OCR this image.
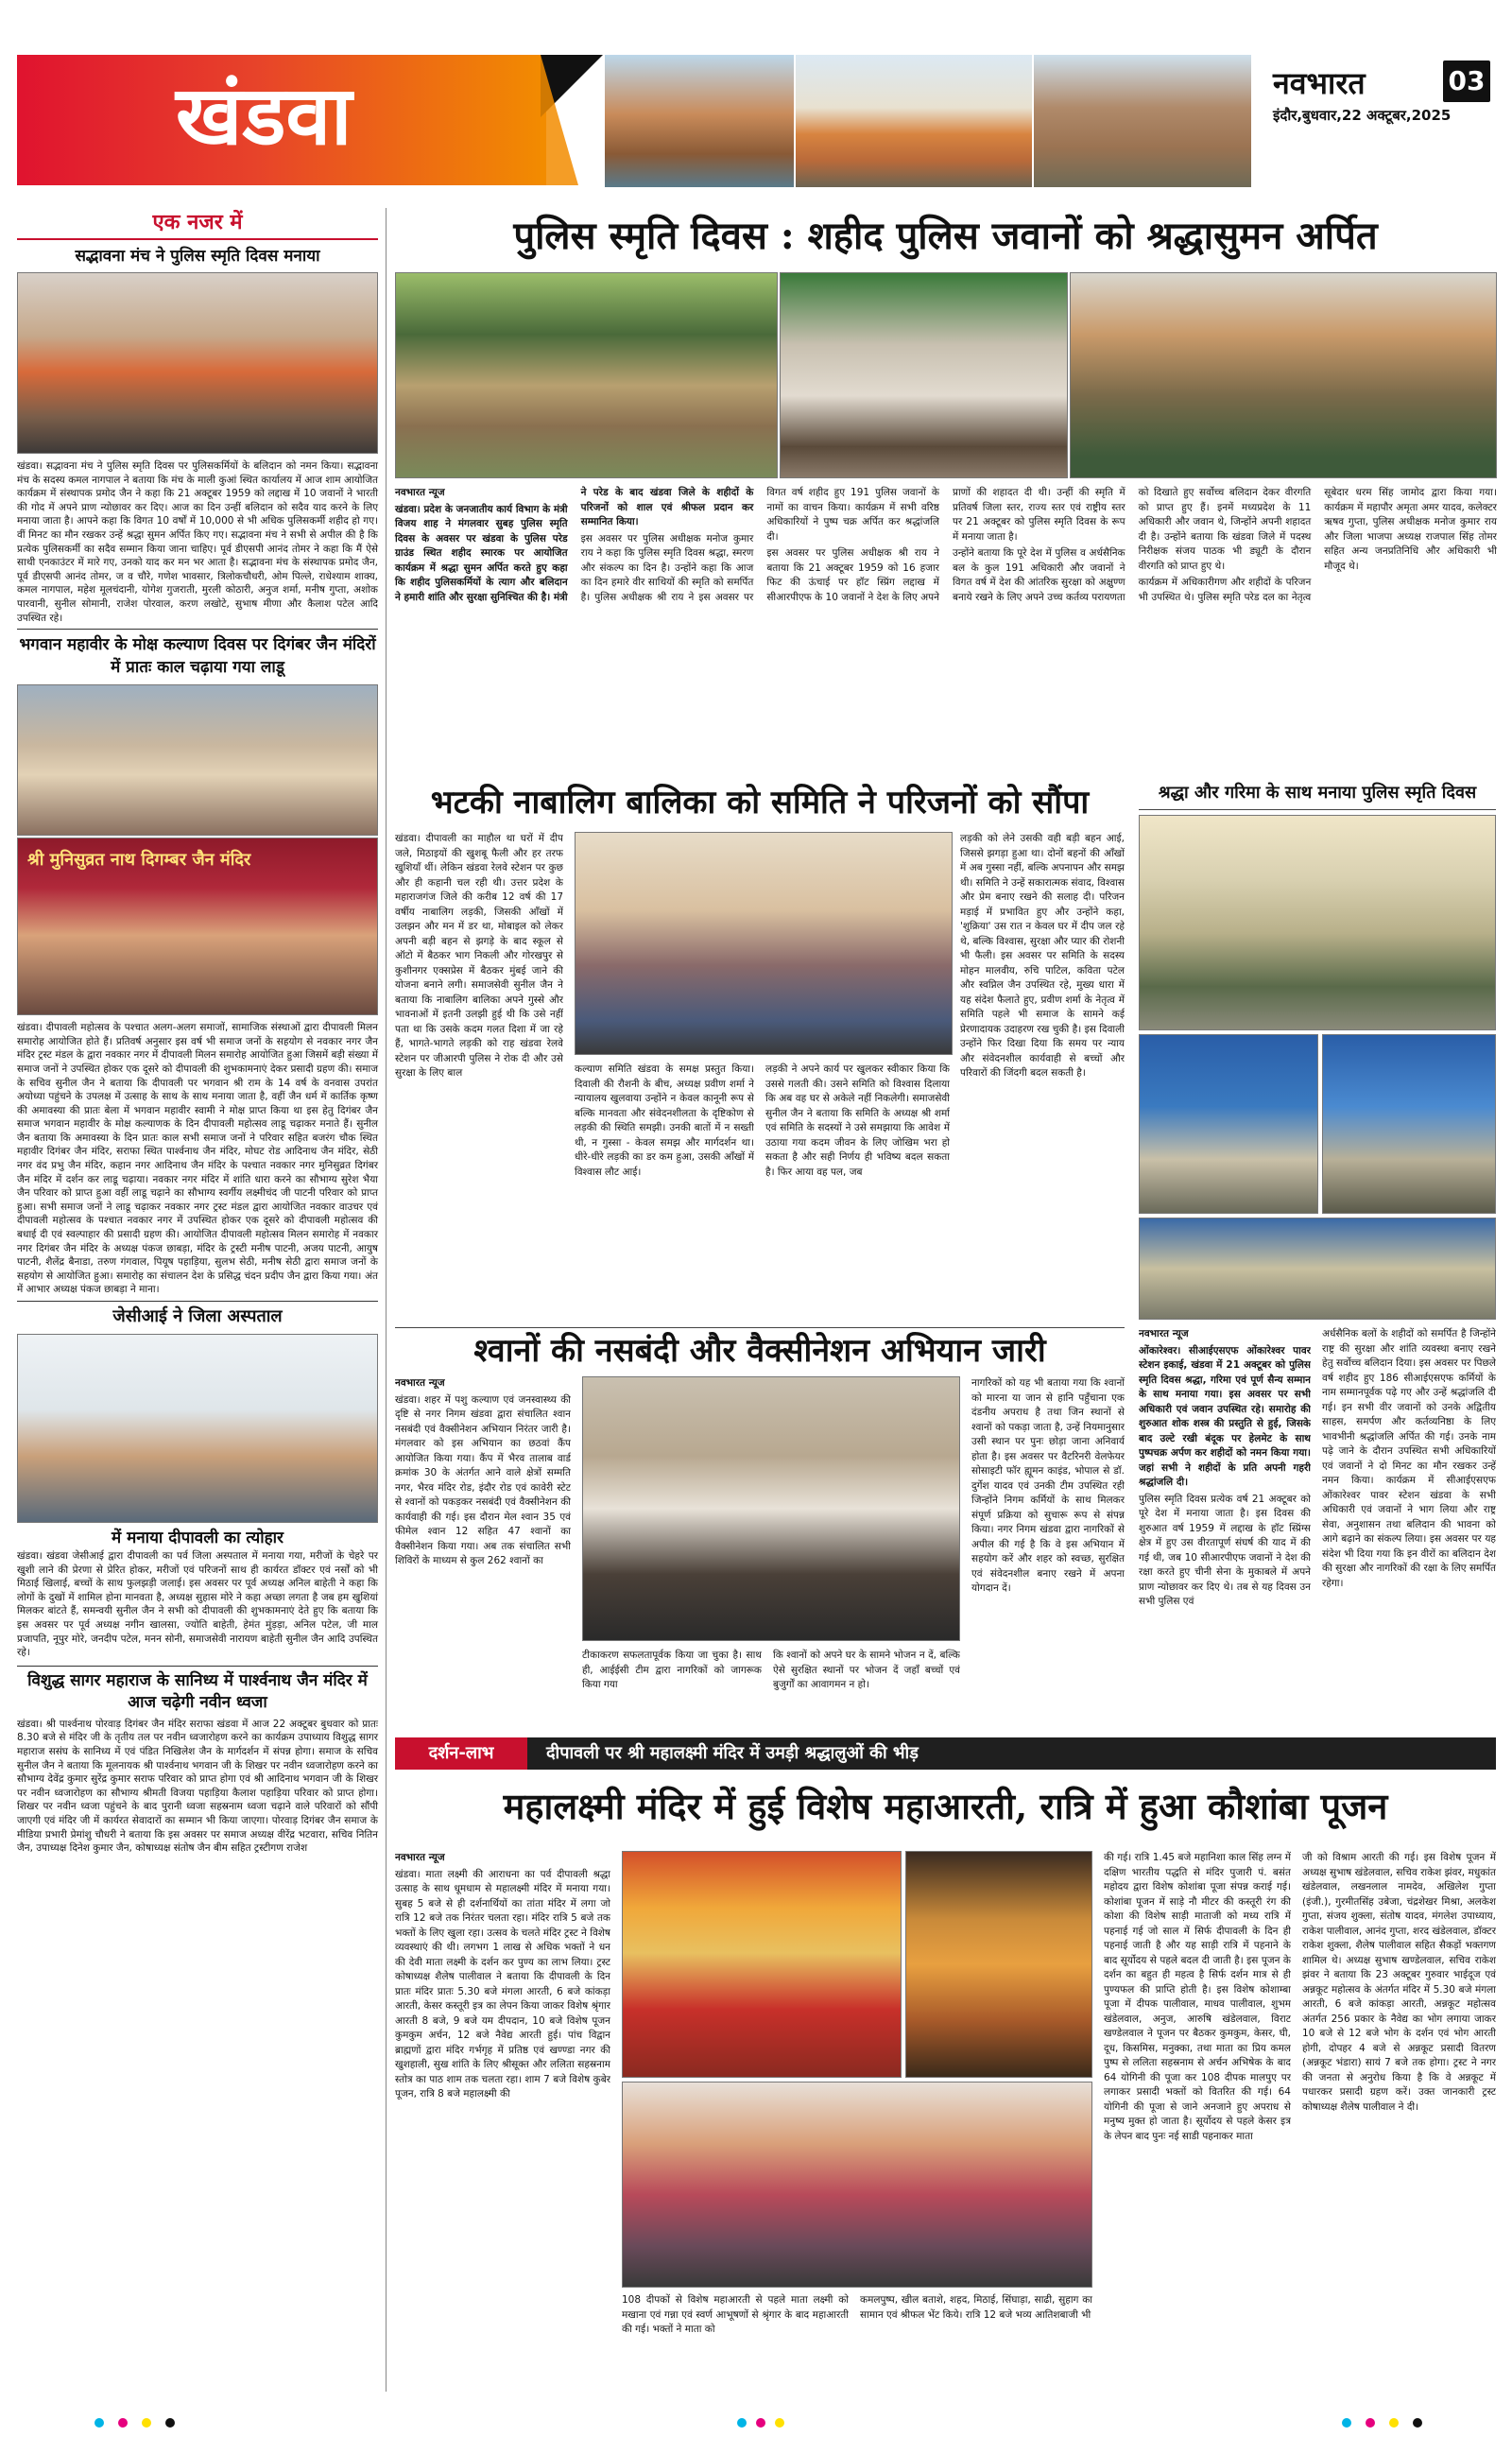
खंडवा	नवभारत	03
इंदौर,बुधवार,22 अक्टूबर,2025
एक नजर में
सद्भावना मंच ने पुलिस स्मृति दिवस मनाया
खंडवा। सद्भावना मंच ने पुलिस स्मृति दिवस पर पुलिसकर्मियों के बलिदान को नमन किया। सद्भावना मंच के सदस्य कमल नागपाल ने बताया कि मंच के माली कुआं स्थित कार्यालय में आज शाम आयोजित कार्यक्रम में संस्थापक प्रमोद जैन ने कहा कि 21 अक्टूबर 1959 को लद्दाख में 10 जवानों ने भारती की गोद में अपने प्राण न्योछावर कर दिए। आज का दिन उन्हीं बलिदान को सदैव याद करने के लिए मनाया जाता है। आपने कहा कि विगत 10 वर्षों में 10,000 से भी अधिक पुलिसकर्मी शहीद हो गए। वीं मिनट का मौन रखकर उन्हें श्रद्धा सुमन अर्पित किए गए। सद्भावना मंच ने सभी से अपील की है कि प्रत्येक पुलिसकर्मी का सदैव सम्मान किया जाना चाहिए। पूर्व डीएसपी आनंद तोमर ने कहा कि मैं ऐसे साथी एनकाउंटर में मारे गए, उनको याद कर मन भर आता है। सद्भावना मंच के संस्थापक प्रमोद जैन, पूर्व डीएसपी आनंद तोमर, ज व चौरे, गणेश भावसार, त्रिलोकचौधरी, ओम पिल्ले, राधेश्याम शाक्य, कमल नागपाल, महेश मूलचंदानी, योगेश गुजराती, मुरली कोठारी, अनुज शर्मा, मनीष गुप्ता, अशोक पारवानी, सुनील सोमानी, राजेश पोरवाल, करण लखोटे, सुभाष मीणा और कैलाश पटेल आदि उपस्थित रहे।
भगवान महावीर के मोक्ष कल्याण दिवस पर दिगंबर जैन मंदिरों में प्रातः काल चढ़ाया गया लाडू
श्री मुनिसुव्रत नाथ दिगम्बर जैन मंदिर
खंडवा। दीपावली महोत्सव के पश्चात अलग-अलग समाजों, सामाजिक संस्थाओं द्वारा दीपावली मिलन समारोह आयोजित होते हैं। प्रतिवर्ष अनुसार इस वर्ष भी समाज जनों के सहयोग से नवकार नगर जैन मंदिर ट्रस्ट मंडल के द्वारा नवकार नगर में दीपावली मिलन समारोह आयोजित हुआ जिसमें बड़ी संख्या में समाज जनों ने उपस्थित होकर एक दूसरे को दीपावली की शुभकामनाएं देकर प्रसादी ग्रहण की। समाज के सचिव सुनील जैन ने बताया कि दीपावली पर भगवान श्री राम के 14 वर्ष के वनवास उपरांत अयोध्या पहुंचने के उपलक्ष में उत्साह के साथ के साथ मनाया जाता है, वहीं जैन धर्म में कार्तिक कृष्ण की अमावस्या की प्रातः बेला में भगवान महावीर स्वामी ने मोक्ष प्राप्त किया था इस हेतु दिगंबर जैन समाज भगवान महावीर के मोक्ष कल्याणक के दिन दीपावली महोत्सव लाडू चढ़ाकर मनाते हैं। सुनील जैन बताया कि अमावस्या के दिन प्रातः काल सभी समाज जनों ने परिवार सहित बजरंग चौक स्थित महावीर दिगंबर जैन मंदिर, सराफा स्थित पार्श्वनाथ जैन मंदिर, मोघट रोड आदिनाथ जैन मंदिर, सेठी नगर वंद प्रभु जैन मंदिर, कहान नगर आदिनाथ जैन मंदिर के पश्चात नवकार नगर मुनिसुव्रत दिगंबर जैन मंदिर में दर्शन कर लाडू चढ़ाया। नवकार नगर मंदिर में शांति धारा करने का सौभाग्य सुरेश भैया जैन परिवार को प्राप्त हुआ वहीं लाडू चढ़ाने का सौभाग्य स्वर्गीय लक्ष्मीचंद जी पाटनी परिवार को प्राप्त हुआ। सभी समाज जनों ने लाडू चढ़ाकर नवकार नगर ट्रस्ट मंडल द्वारा आयोजित नवकार वाउचर एवं दीपावली महोत्सव के पश्चात नवकार नगर में उपस्थित होकर एक दूसरे को दीपावली महोत्सव की बधाई दी एवं स्वल्पाहार की प्रसादी ग्रहण की। आयोजित दीपावली महोत्सव मिलन समारोह में नवकार नगर दिगंबर जैन मंदिर के अध्यक्ष पंकज छाबड़ा, मंदिर के ट्रस्टी मनीष पाटनी, अजय पाटनी, आयुष पाटनी, शैलेंद्र बैनाडा, तरुण गंगवाल, पियूष पहाड़िया, सुलभ सेठी, मनीष सेठी द्वारा समाज जनों के सहयोग से आयोजित हुआ। समारोह का संचालन देश के प्रसिद्ध चंदन प्रदीप जैन द्वारा किया गया। अंत में आभार अध्यक्ष पंकज छाबड़ा ने माना।
जेसीआई ने जिला अस्पताल
में मनाया दीपावली का त्योहार
खंडवा। खंडवा जेसीआई द्वारा दीपावली का पर्व जिला अस्पताल में मनाया गया, मरीजों के चेहरे पर खुशी लाने की प्रेरणा से प्रेरित होकर, मरीजों एवं परिजनों साथ ही कार्यरत डॉक्टर एवं नर्सों को भी मिठाई खिलाई, बच्चों के साथ फुलझड़ी जलाई। इस अवसर पर पूर्व अध्यक्ष अनिल बाहेती ने कहा कि लोगों के दुखों में शामिल होना मानवता है, अध्यक्ष सुहास मोरे ने कहा अच्छा लगता है जब हम खुशियां मिलकर बांटते हैं, समन्वयी सुनील जैन ने सभी को दीपावली की शुभकामनाएं देते हुए कि बताया कि इस अवसर पर पूर्व अध्यक्ष नगीन खालसा, ज्योति बाहेती, हेमंत मुंड़ड़ा, अनिल पटेल, जी माल प्रजापति, नूपुर मोरे, जनदीप पटेल, मनन सोनी, समाजसेवी नारायण बाहेती सुनील जैन आदि उपस्थित रहे।
विशुद्ध सागर महाराज के सानिध्य में पार्श्वनाथ जैन मंदिर में आज चढ़ेगी नवीन ध्वजा
खंडवा। श्री पार्श्वनाथ पोरवाड़ दिगंबर जैन मंदिर सराफा खंडवा में आज 22 अक्टूबर बुधवार को प्रातः 8.30 बजे से मंदिर जी के तृतीय तल पर नवीन ध्वजारोहण करने का कार्यक्रम उपाध्याय विशुद्ध सागर महाराज ससंघ के सानिध्य में एवं पंडित निखिलेश जैन के मार्गदर्शन में संपन्न होगा। समाज के सचिव सुनील जैन ने बताया कि मूलनायक श्री पार्श्वनाथ भगवान जी के शिखर पर नवीन ध्वजारोहण करने का सौभाग्य देवेंद्र कुमार सुरेंद्र कुमार सराफ परिवार को प्राप्त होगा एवं श्री आदिनाथ भगवान जी के शिखर पर नवीन ध्वजारोहण का सौभाग्य श्रीमती विजया पहाड़िया कैलाश पहाड़िया परिवार को प्राप्त होगा। शिखर पर नवीन ध्वजा पहुंचने के बाद पुरानी ध्वजा सहस्रनाम ध्वजा चढ़ाने वाले परिवारों को सौंपी जाएगी एवं मंदिर जी में कार्यरत सेवादारों का सम्मान भी किया जाएगा। पोरवाड़ दिगंबर जैन समाज के मीडिया प्रभारी प्रेमांशु चौधरी ने बताया कि इस अवसर पर समाज अध्यक्ष वीरेंद्र भटवारा, सचिव नितिन जैन, उपाध्यक्ष दिनेश कुमार जैन, कोषाध्यक्ष संतोष जैन बीम सहित ट्रस्टीगण राजेश
पुलिस स्मृति दिवस : शहीद पुलिस जवानों को श्रद्धासुमन अर्पित

नवभारत न्यूज

खंडवा। प्रदेश के जनजातीय कार्य विभाग के मंत्री विजय शाह ने मंगलवार सुबह पुलिस स्मृति दिवस के अवसर पर खंडवा के पुलिस परेड ग्राउंड स्थित शहीद स्मारक पर आयोजित कार्यक्रम में श्रद्धा सुमन अर्पित करते हुए कहा कि शहीद पुलिसकर्मियों के त्याग और बलिदान ने हमारी शांति और सुरक्षा सुनिश्चित की है। मंत्री ने परेड के बाद खंडवा जिले के शहीदों के परिजनों को शाल एवं श्रीफल प्रदान कर सम्मानित किया।

इस अवसर पर पुलिस अधीक्षक मनोज कुमार राय ने कहा कि पुलिस स्मृति दिवस श्रद्धा, स्मरण और संकल्प का दिन है। उन्होंने कहा कि आज का दिन हमारे वीर साथियों की स्मृति को समर्पित है। पुलिस अधीक्षक श्री राय ने इस अवसर पर विगत वर्ष शहीद हुए 191 पुलिस जवानों के नामों का वाचन किया। कार्यक्रम में सभी वरिष्ठ अधिकारियों ने पुष्प चक्र अर्पित कर श्रद्धांजलि दी।

इस अवसर पर पुलिस अधीक्षक श्री राय ने बताया कि 21 अक्टूबर 1959 को 16 हजार फिट की ऊंचाई पर हॉट स्प्रिंग लद्दाख में सीआरपीएफ के 10 जवानों ने देश के लिए अपने प्राणों की शहादत दी थी। उन्हीं की स्मृति में प्रतिवर्ष जिला स्तर, राज्य स्तर एवं राष्ट्रीय स्तर पर 21 अक्टूबर को पुलिस स्मृति दिवस के रूप में मनाया जाता है।

उन्होंने बताया कि पूरे देश में पुलिस व अर्धसैनिक बल के कुल 191 अधिकारी और जवानों ने विगत वर्ष में देश की आंतरिक सुरक्षा को अक्षुण्ण बनाये रखने के लिए अपने उच्च कर्तव्य परायणता को दिखाते हुए सर्वोच्च बलिदान देकर वीरगति को प्राप्त हुए हैं। इनमें मध्यप्रदेश के 11 अधिकारी और जवान थे, जिन्होंने अपनी शहादत दी है। उन्होंने बताया कि खंडवा जिले में पदस्थ निरीक्षक संजय पाठक भी ड्यूटी के दौरान वीरगति को प्राप्त हुए थे।

कार्यक्रम में अधिकारीगण और शहीदों के परिजन भी उपस्थित थे। पुलिस स्मृति परेड दल का नेतृत्व सूबेदार धरम सिंह जामोद द्वारा किया गया। कार्यक्रम में महापौर अमृता अमर यादव, कलेक्टर ऋषव गुप्ता, पुलिस अधीक्षक मनोज कुमार राय और जिला भाजपा अध्यक्ष राजपाल सिंह तोमर सहित अन्य जनप्रतिनिधि और अधिकारी भी मौजूद थे।

भटकी नाबालिग बालिका को समिति ने परिजनों को सौंपा
खंडवा। दीपावली का माहौल था घरों में दीप जले, मिठाइयों की खुशबू फैली और हर तरफ खुशियाँ थीं। लेकिन खंडवा रेलवे स्टेशन पर कुछ और ही कहानी चल रही थी। उत्तर प्रदेश के महाराजगंज जिले की करीब 12 वर्ष की 17 वर्षीय नाबालिग लड़की, जिसकी आँखों में उलझन और मन में डर था, मोबाइल को लेकर अपनी बड़ी बहन से झगड़े के बाद स्कूल से ऑटो में बैठकर भाग निकली और गोरखपुर से कुशीनगर एक्सप्रेस में बैठकर मुंबई जाने की योजना बनाने लगी। समाजसेवी सुनील जैन ने बताया कि नाबालिग बालिका अपने गुस्से और भावनाओं में इतनी उलझी हुई थी कि उसे नहीं पता था कि उसके कदम गलत दिशा में जा रहे हैं, भागते-भागते लड़की को राह खंडवा रेलवे स्टेशन पर जीआरपी पुलिस ने रोक दी और उसे सुरक्षा के लिए बाल	कल्याण समिति खंडवा के समक्ष प्रस्तुत किया। दिवाली की रौशनी के बीच, अध्यक्ष प्रवीण शर्मा ने न्यायालय खुलवाया उन्होंने न केवल कानूनी रूप से बल्कि मानवता और संवेदनशीलता के दृष्टिकोण से लड़की की स्थिति समझी। उनकी बातों में न सख्ती थी, न गुस्सा - केवल समझ और मार्गदर्शन था। धीरे-धीरे लड़की का डर कम हुआ, उसकी आँखों में विश्वास लौट आई।
लड़की ने अपने कार्य पर खुलकर स्वीकार किया कि उससे गलती की। उसने समिति को विश्वास दिलाया कि अब वह घर से अकेले नहीं निकलेगी। समाजसेवी सुनील जैन ने बताया कि समिति के अध्यक्ष श्री शर्मा एवं समिति के सदस्यों ने उसे समझाया कि आवेश में उठाया गया कदम जीवन के लिए जोखिम भरा हो सकता है और सही निर्णय ही भविष्य बदल सकता है। फिर आया वह पल, जब
लड़की को लेने उसकी वही बड़ी बहन आई, जिससे झगड़ा हुआ था। दोनों बहनों की आँखों में अब गुस्सा नहीं, बल्कि अपनापन और समझ थी। समिति ने उन्हें सकारात्मक संवाद, विश्वास और प्रेम बनाए रखने की सलाह दी। परिजन मड़ाई में प्रभावित हुए और उन्होंने कहा, 'शुक्रिया' उस रात न केवल घर में दीप जल रहे थे, बल्कि विश्वास, सुरक्षा और प्यार की रोशनी भी फैली। इस अवसर पर समिति के सदस्य मोहन मालवीय, रुचि पाटिल, कविता पटेल और स्वप्निल जैन उपस्थित रहे, मुख्य धारा में यह संदेश फैलाते हुए, प्रवीण शर्मा के नेतृत्व में समिति पहले भी समाज के सामने कई प्रेरणादायक उदाहरण रख चुकी है। इस दिवाली उन्होंने फिर दिखा दिया कि समय पर न्याय और संवेदनशील कार्यवाही से बच्चों और परिवारों की जिंदगी बदल सकती है।
श्रद्धा और गरिमा के साथ मनाया पुलिस स्मृति दिवस
श्वानों की नसबंदी और वैक्सीनेशन अभियान जारी

नवभारत न्यूज

खंडवा। शहर में पशु कल्याण एवं जनस्वास्थ्य की दृष्टि से नगर निगम खंडवा द्वारा संचालित श्वान नसबंदी एवं वैक्सीनेशन अभियान निरंतर जारी है। मंगलवार को इस अभियान का छठवां कैंप आयोजित किया गया। कैंप में भैरव तालाब वार्ड क्रमांक 30 के अंतर्गत आने वाले क्षेत्रों सम्मति नगर, भैरव मंदिर रोड, इंदौर रोड एवं कावेरी स्टेट से श्वानों को पकड़कर नसबंदी एवं वैक्सीनेशन की कार्यवाही की गई। इस दौरान मेल श्वान 35 एवं फीमेल श्वान 12 सहित 47 श्वानों का वैक्सीनेशन किया गया। अब तक संचालित सभी शिविरों के माध्यम से कुल 262 श्वानों का

टीकाकरण सफलतापूर्वक किया जा चुका है। साथ ही, आईईसी टीम द्वारा नागरिकों को जागरूक किया गया
कि श्वानों को अपने घर के सामने भोजन न दें, बल्कि ऐसे सुरक्षित स्थानों पर भोजन दें जहाँ बच्चों एवं बुजुर्गों का आवागमन न हो।
नागरिकों को यह भी बताया गया कि श्वानों को मारना या जान से हानि पहुँचाना एक दंडनीय अपराध है तथा जिन स्थानों से श्वानों को पकड़ा जाता है, उन्हें नियमानुसार उसी स्थान पर पुनः छोड़ा जाना अनिवार्य होता है। इस अवसर पर वैटरिनरी वेलफेयर सोसाइटी फॉर ह्यूमन काइंड, भोपाल से डॉ. दुर्गेश यादव एवं उनकी टीम उपस्थित रही जिन्होंने निगम कर्मियों के साथ मिलकर संपूर्ण प्रक्रिया को सुचारू रूप से संपन्न किया। नगर निगम खंडवा द्वारा नागरिकों से अपील की गई है कि वे इस अभियान में सहयोग करें और शहर को स्वच्छ, सुरक्षित एवं संवेदनशील बनाए रखने में अपना योगदान दें।

नवभारत न्यूज

ओंकारेश्वर। सीआईएसएफ ओंकारेश्वर पावर स्टेशन इकाई, खंडवा में 21 अक्टूबर को पुलिस स्मृति दिवस श्रद्धा, गरिमा एवं पूर्ण सैन्य सम्मान के साथ मनाया गया। इस अवसर पर सभी अधिकारी एवं जवान उपस्थित रहे। समारोह की शुरुआत शोक शस्त्र की प्रस्तुति से हुई, जिसके बाद उल्टे रखी बंदूक पर हेलमेट के साथ पुष्पचक्र अर्पण कर शहीदों को नमन किया गया। जहां सभी ने शहीदों के प्रति अपनी गहरी श्रद्धांजलि दी।

पुलिस स्मृति दिवस प्रत्येक वर्ष 21 अक्टूबर को पूरे देश में मनाया जाता है। इस दिवस की शुरुआत वर्ष 1959 में लद्दाख के हॉट स्प्रिंग्स क्षेत्र में हुए उस वीरतापूर्ण संघर्ष की याद में की गई थी, जब 10 सीआरपीएफ जवानों ने देश की रक्षा करते हुए चीनी सेना के मुकाबले में अपने प्राण न्योछावर कर दिए थे। तब से यह दिवस उन सभी पुलिस एवं

अर्धसैनिक बलों के शहीदों को समर्पित है जिन्होंने राष्ट्र की सुरक्षा और शांति व्यवस्था बनाए रखने हेतु सर्वोच्च बलिदान दिया। इस अवसर पर पिछले वर्ष शहीद हुए 186 सीआईएसएफ कर्मियों के नाम सम्मानपूर्वक पढ़े गए और उन्हें श्रद्धांजलि दी गई। इन सभी वीर जवानों को उनके अद्वितीय साहस, समर्पण और कर्तव्यनिष्ठा के लिए भावभीनी श्रद्धांजलि अर्पित की गई। उनके नाम पढ़े जाने के दौरान उपस्थित सभी अधिकारियों एवं जवानों ने दो मिनट का मौन रखकर उन्हें नमन किया। कार्यक्रम में सीआईएसएफ ओंकारेश्वर पावर स्टेशन खंडवा के सभी अधिकारी एवं जवानों ने भाग लिया और राष्ट्र सेवा, अनुशासन तथा बलिदान की भावना को आगे बढ़ाने का संकल्प लिया। इस अवसर पर यह संदेश भी दिया गया कि इन वीरों का बलिदान देश की सुरक्षा और नागरिकों की रक्षा के लिए समर्पित रहेगा।
दर्शन-लाभ	दीपावली पर श्री महालक्ष्मी मंदिर में उमड़ी श्रद्धालुओं की भीड़
महालक्ष्मी मंदिर में हुई विशेष महाआरती, रात्रि में हुआ कौशांबा पूजन

नवभारत न्यूज

खंडवा। माता लक्ष्मी की आराधना का पर्व दीपावली श्रद्धा उत्साह के साथ धूमधाम से महालक्ष्मी मंदिर में मनाया गया। सुबह 5 बजे से ही दर्शनार्थियों का तांता मंदिर में लगा जो रात्रि 12 बजे तक निरंतर चलता रहा। मंदिर रात्रि 5 बजे तक भक्तों के लिए खुला रहा। उत्सव के चलते मंदिर ट्रस्ट ने विशेष व्यवस्थाएं की थी। लगभग 1 लाख से अधिक भक्तों ने धन की देवी माता लक्ष्मी के दर्शन कर पुण्य का लाभ लिया। ट्रस्ट कोषाध्यक्ष शैलेष पालीवाल ने बताया कि दीपावली के दिन प्रातः मंदिर प्रातः 5.30 बजे मंगला आरती, 6 बजे कांकड़ा आरती, केसर कस्तूरी इत्र का लेपन किया जाकर विशेष श्रृंगार आरती 8 बजे, 9 बजे यम दीपदान, 10 बजे विशेष पूजन कुमकुम अर्चन, 12 बजे नैवेद्य आरती हुई। पांच विद्वान ब्राह्मणों द्वारा मंदिर गर्भगृह में प्रतिष्ठ एवं खण्ण्डा नगर की खुशहाली, सुख शांति के लिए श्रीसूक्त और ललिता सहस्रनाम स्तोत्र का पाठ शाम तक चलता रहा। शाम 7 बजे विशेष कुबेर पूजन, रात्रि 8 बजे महालक्ष्मी की

108 दीपकों से विशेष महाआरती से पहले माता लक्ष्मी को मखाना एवं गन्ना एवं स्वर्ण आभूषणों से श्रृंगार के बाद महाआरती की गई। भक्तों ने माता को
कमलपुष्प, खील बताशे, शहद, मिठाई, सिंघाड़ा, साढी, सुहाग का सामान एवं श्रीफल भेंट किये। रात्रि 12 बजे भव्य आतिशबाजी भी
की गई। रात्रि 1.45 बजे महानिशा काल सिंह लग्न में दक्षिण भारतीय पद्धति से मंदिर पुजारी पं. बसंत महोदय द्वारा विशेष कोशांबा पूजा संपन्न कराई गई। कोशांबा पूजन में साड़े नौ मीटर की कस्तूरी रंग की कोशा की विशेष साड़ी माताजी को मध्य रात्रि में पहनाई गई जो साल में सिर्फ दीपावली के दिन ही पहनाई जाती है और यह साड़ी रात्रि में पहनाने के बाद सूर्योदय से पहले बदल दी जाती है। इस पूजन के दर्शन का बहुत ही महत्व है सिर्फ दर्शन मात्र से ही पुण्यफल की प्राप्ति होती है। इस विशेष कोशाम्बा पूजा में दीपक पालीवाल, माधव पालीवाल, शुभम खंडेलवाल, अनुज, आरुषि खंडेलवाल, विराट खण्डेलवाल ने पूजन पर बैठकर कुमकुम, केसर, घी, दूध, किसमिस, मनुक्का, तथा माता का प्रिय कमल पुष्प से ललिता सहस्रनाम से अर्चन अभिषेक के बाद 64 योगिनी की पूजा कर 108 दीपक मालपुए पर लगाकर प्रसादी भक्तों को वितरित की गई। 64 योगिनी की पूजा से जाने अनजाने हुए अपराध से मनुष्य मुक्त हो जाता है। सूर्योदय से पहले केसर इत्र के लेपन बाद पुनः नई साडी पहनाकर माता
जी को विश्राम आरती की गई। इस विशेष पूजन में अध्यक्ष सुभाष खंडेलवाल, सचिव राकेश झंवर, मधुकांत खंडेलवाल, लखनलाल नामदेव, अखिलेश गुप्ता (इंजी.), गुरमीतसिंह उबेजा, चंद्रशेखर मिश्रा, अलकेश गुप्ता, संजय शुक्ला, संतोष यादव, मंगलेश उपाध्याय, राकेश पालीवाल, आनंद गुप्ता, शरद खंडेलवाल, डॉक्टर राकेश शुक्ला, शैलेष पालीवाल सहित सैकड़ों भक्तगण शामिल थे। अध्यक्ष सुभाष खण्डेलवाल, सचिव राकेश झंवर ने बताया कि 23 अक्टूबर गुरुवार भाईदूज एवं अन्नकूट महोत्सव के अंतर्गत मंदिर में 5.30 बजे मंगला आरती, 6 बजे कांकड़ा आरती, अन्नकूट महोत्सव अंतर्गत 256 प्रकार के नैवेद्य का भोग लगाया जाकर 10 बजे से 12 बजे भोग के दर्शन एवं भोग आरती होगी, दोपहर 4 बजे से अन्नकूट प्रसादी वितरण (अन्नकूट भंडारा) सायं 7 बजे तक होगा। ट्रस्ट ने नगर की जनता से अनुरोध किया है कि वे अन्नकूट में पधारकर प्रसादी ग्रहण करें। उक्त जानकारी ट्रस्ट कोषाध्यक्ष शैलेष पालीवाल ने दी।
